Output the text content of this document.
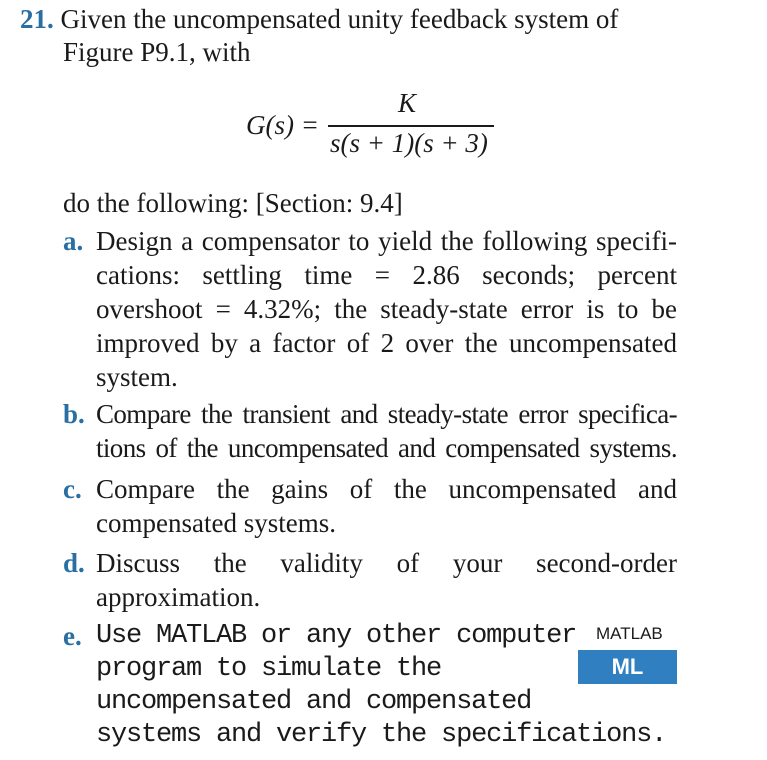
21. Given the uncompensated unity feedback system of
Figure P9.1, with
G(s) =
K
s(s + 1)(s + 3)
do the following: [Section: 9.4]
a. Design a compensator to yield the following specifi-
cations: settling time = 2.86 seconds; percent
overshoot = 4.32%; the steady-state error is to be
improved by a factor of 2 over the uncompensated
system.
b. Compare the transient and steady-state error specifica-
tions of the uncompensated and compensated systems.
c. Compare the gains of the uncompensated and
compensated systems.
d. Discuss the validity of your second-order
approximation.
e. Use MATLAB or any other computer
program to simulate the
uncompensated and compensated
systems and verify the specifications.
MATLAB
ML
